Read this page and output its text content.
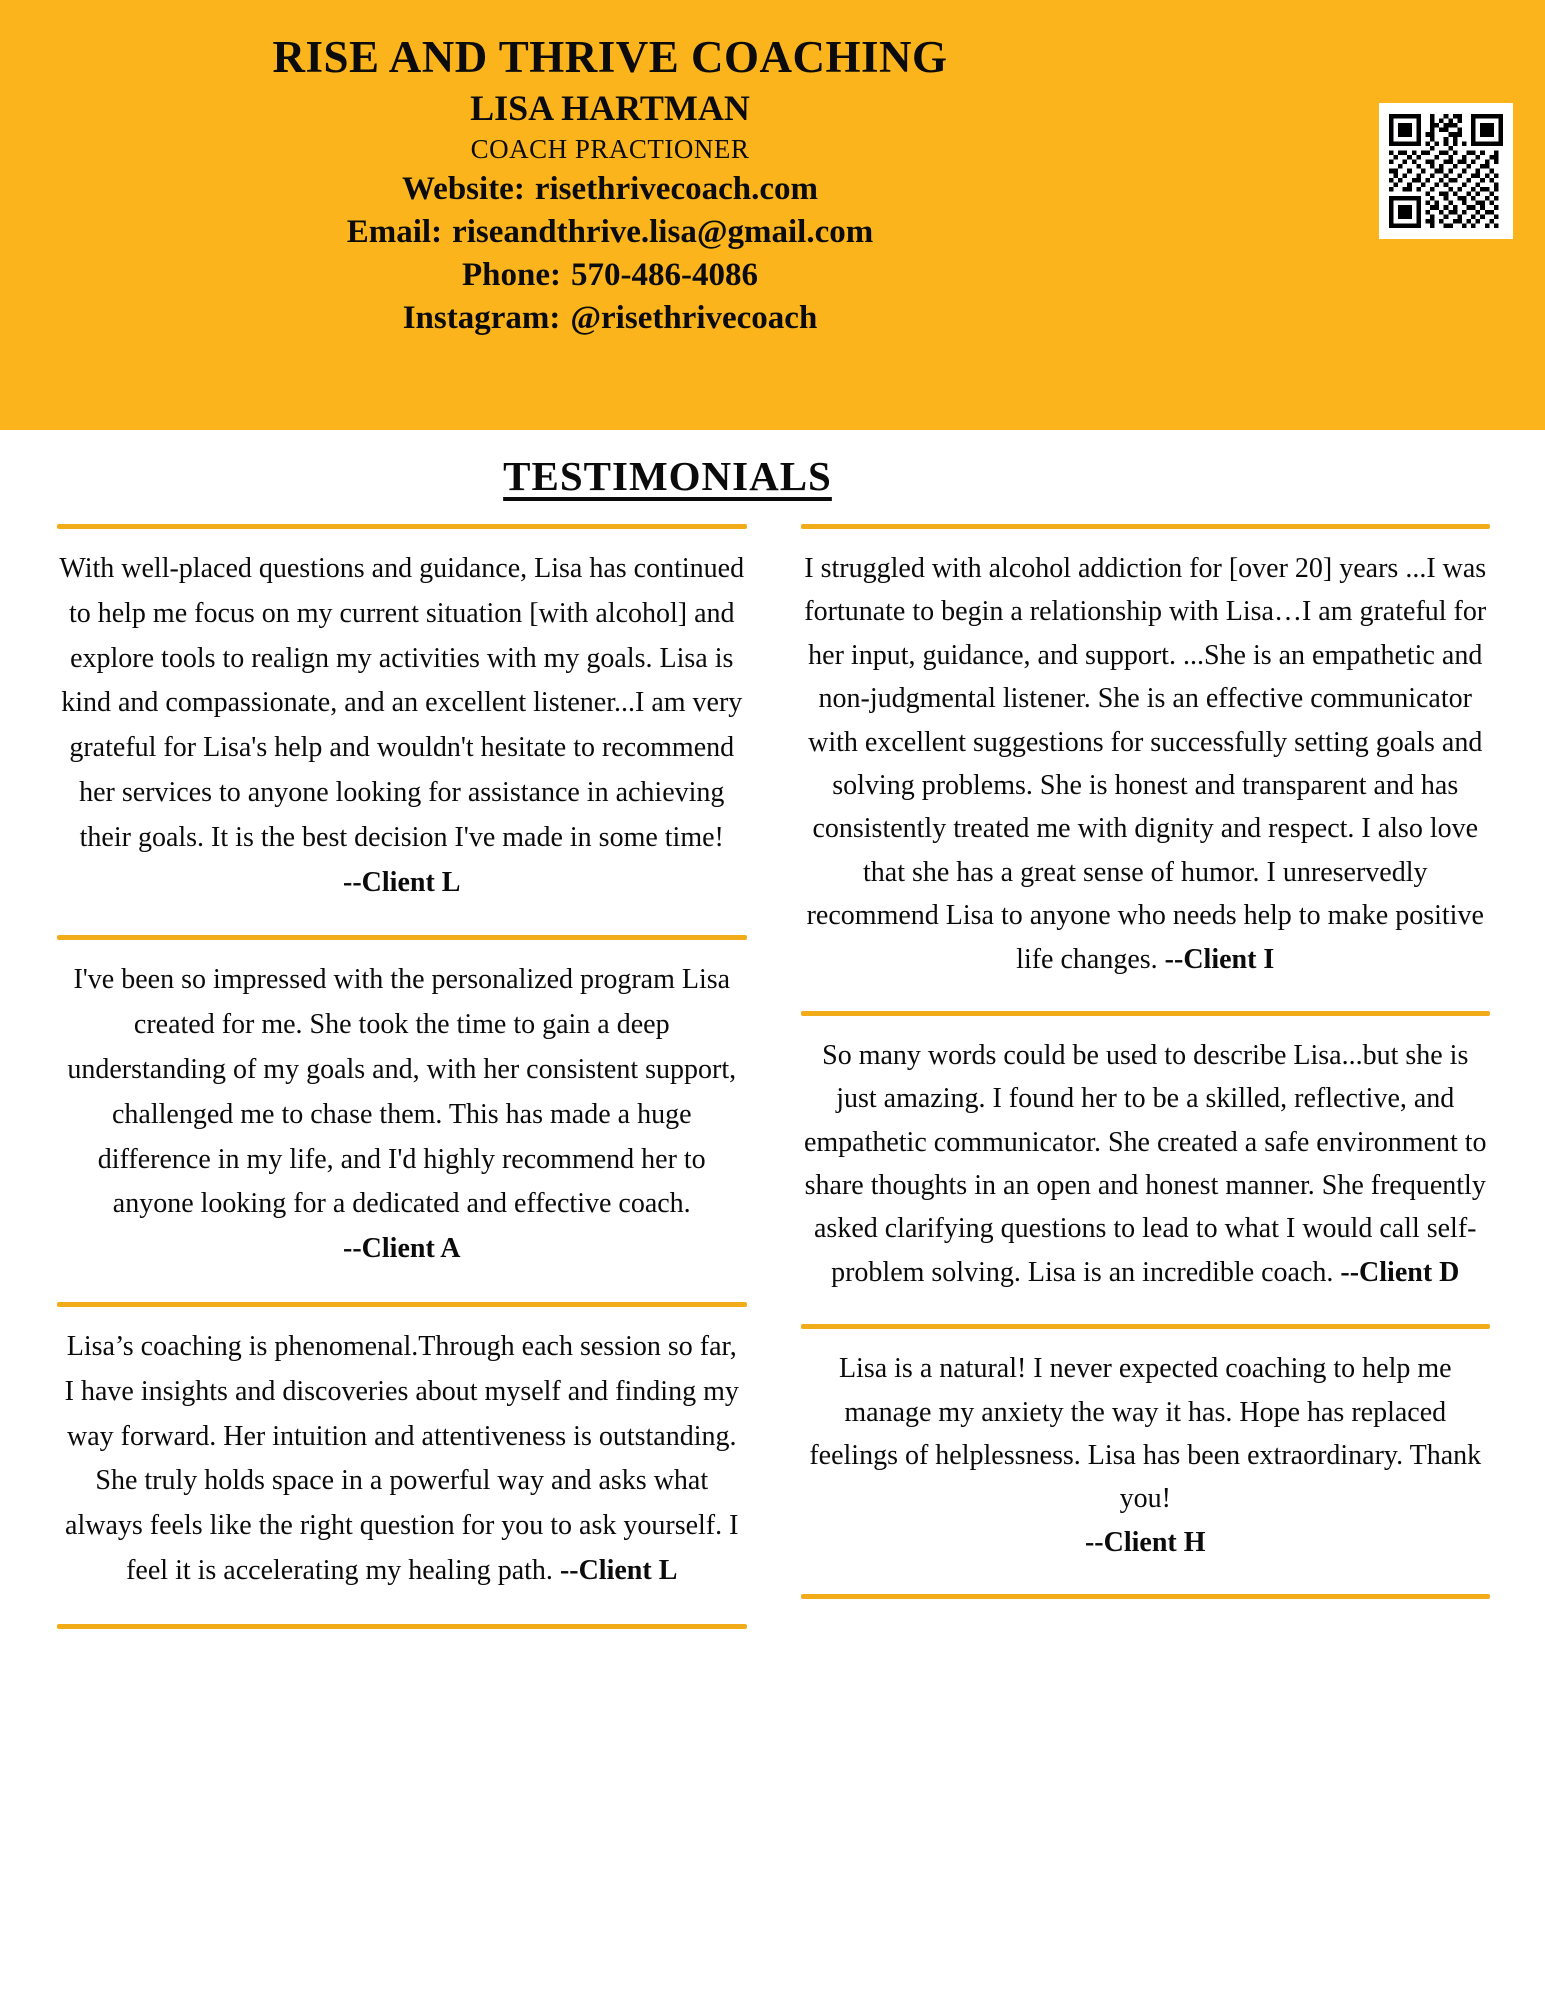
RISE AND THRIVE COACHING
LISA HARTMAN
COACH PRACTIONER
Website: risethrivecoach.com
Email: riseandthrive.lisa@gmail.com
Phone: 570-486-4086
Instagram: @risethrivecoach
TESTIMONIALS

With well-placed questions and guidance, Lisa has continued to help me focus on my current situation [with alcohol] and explore tools to realign my activities with my goals. Lisa is kind and compassionate, and an excellent listener...I am very grateful for Lisa's help and wouldn't hesitate to recommend her services to anyone looking for assistance in achieving their goals. It is the best decision I've made in some time!
--Client L

I've been so impressed with the personalized program Lisa created for me. She took the time to gain a deep understanding of my goals and, with her consistent support, challenged me to chase them. This has made a huge difference in my life, and I'd highly recommend her to anyone looking for a dedicated and effective coach. --Client A

Lisa’s coaching is phenomenal.Through each session so far, I have insights and discoveries about myself and finding my way forward. Her intuition and attentiveness is outstanding. She truly holds space in a powerful way and asks what always feels like the right question for you to ask yourself. I feel it is accelerating my healing path. --Client L

I struggled with alcohol addiction for [over 20] years ...I was fortunate to begin a relationship with Lisa…I am grateful for her input, guidance, and support. ...She is an empathetic and non-judgmental listener. She is an effective communicator with excellent suggestions for successfully setting goals and solving problems. She is honest and transparent and has consistently treated me with dignity and respect. I also love that she has a great sense of humor. I unreservedly recommend Lisa to anyone who needs help to make positive life changes. --Client I

So many words could be used to describe Lisa...but she is just amazing. I found her to be a skilled, reflective, and empathetic communicator. She created a safe environment to share thoughts in an open and honest manner. She frequently asked clarifying questions to lead to what I would call self-problem solving. Lisa is an incredible coach. --Client D

Lisa is a natural! I never expected coaching to help me manage my anxiety the way it has. Hope has replaced feelings of helplessness. Lisa has been extraordinary. Thank you!
--Client H
